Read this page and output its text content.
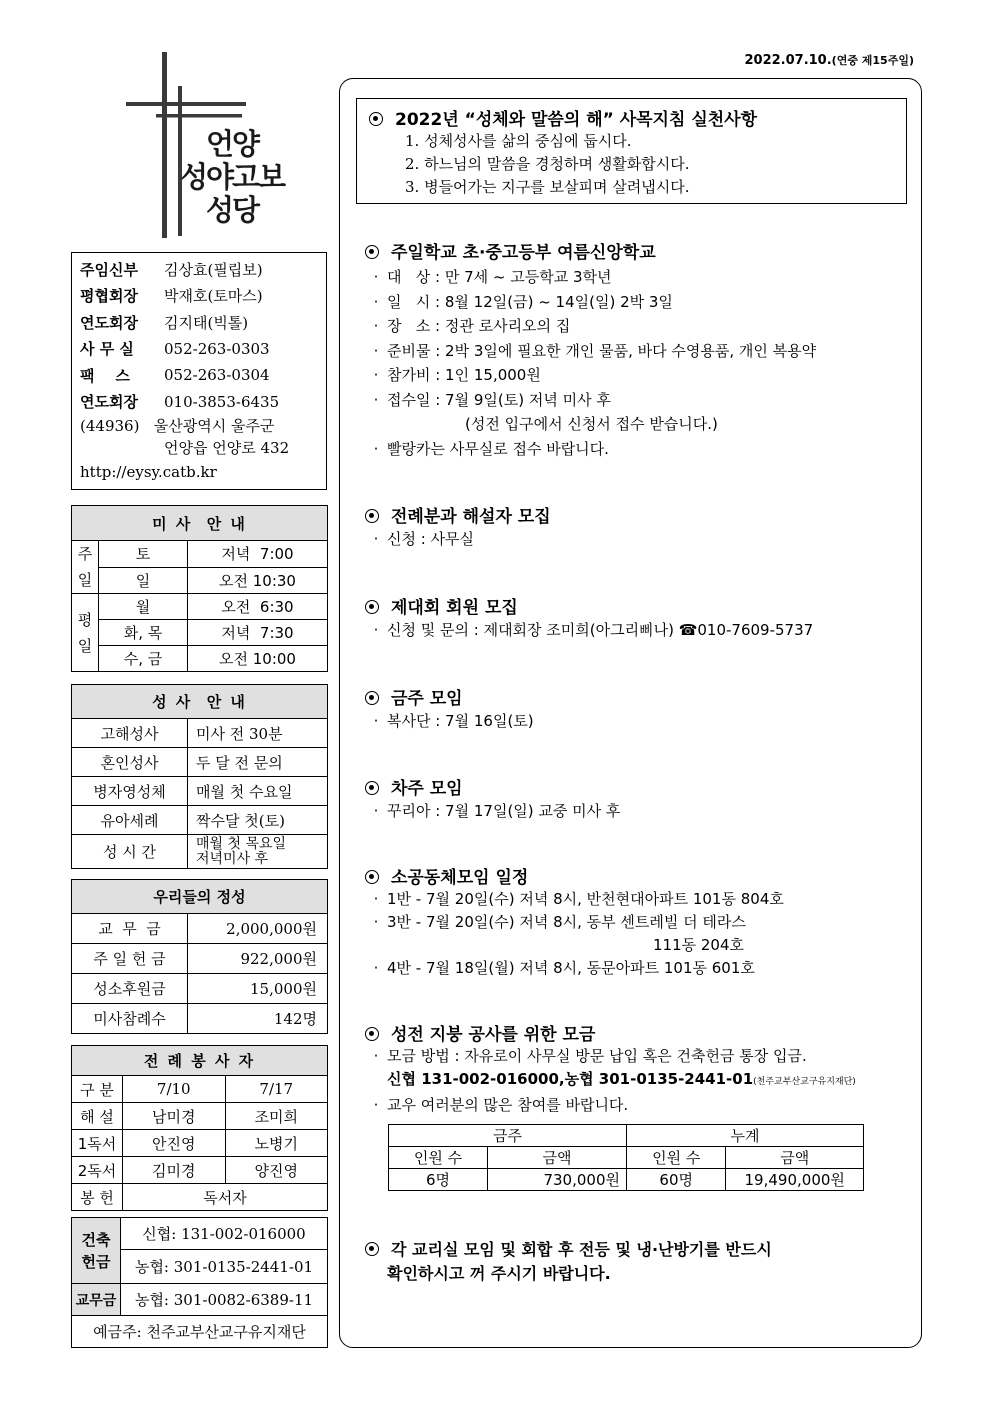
2022.07.10.(연중 제15주일)
언양
성야고보
성당
주임신부	김상효(필립보)
평협회장	박재호(토마스)
연도회장	김지태(빅톨)
사 무 실	052-263-0303
팩    스	052-263-0304
연도회장	010-3853-6435
(44936) 울산광역시 울주군
언양읍 언양로 432
http://eysy.catb.kr
미 사  안 내		
주
일	토	저녁  7:00
	일	오전 10:30
평
일	월	오전  6:30
	화, 목	저녁  7:30
	수, 금	오전 10:00
성 사  안 내	
고해성사	미사 전 30분
혼인성사	두 달 전 문의
병자영성체	매월 첫 수요일
유아세례	짝수달 첫(토)
성 시 간	매월 첫 목요일
저녁미사 후
우리들의 정성	
교  무  금	2,000,000원
주 일 헌 금	922,000원
성소후원금	15,000원
미사참례수	142명
전 례 봉 사 자		
구 분	7/10	7/17
해 설	남미경	조미희
1독서	안진영	노병기
2독서	김미경	양진영
봉 헌	독서자	
건축
헌금	신협: 131-002-016000
	농협: 301-0135-2441-01
교무금	농협: 301-0082-6389-11
예금주: 천주교부산교구유지재단	
2022년 “성체와 말씀의 해” 사목지침 실천사항
1. 성체성사를 삶의 중심에 둡시다.
2. 하느님의 말씀을 경청하며 생활화합시다.
3. 병들어가는 지구를 보살피며 살려냅시다.
주일학교 초·중고등부 여름신앙학교
· 대   상 : 만 7세 ~ 고등학교 3학년
· 일   시 : 8월 12일(금) ~ 14일(일) 2박 3일
· 장   소 : 정관 로사리오의 집
· 준비물 : 2박 3일에 필요한 개인 물품, 바다 수영용품, 개인 복용약
· 참가비 : 1인 15,000원
· 접수일 : 7월 9일(토) 저녁 미사 후
(성전 입구에서 신청서 접수 받습니다.)
· 빨랑카는 사무실로 접수 바랍니다.
전례분과 해설자 모집
· 신청 : 사무실
제대회 회원 모집
· 신청 및 문의 : 제대회장 조미희(아그리삐나) ☎010-7609-5737
금주 모임
· 복사단 : 7월 16일(토)
차주 모임
· 꾸리아 : 7월 17일(일) 교중 미사 후
소공동체모임 일정
· 1반 - 7월 20일(수) 저녁 8시, 반천현대아파트 101동 804호
· 3반 - 7월 20일(수) 저녁 8시, 동부 센트레빌 더 테라스
111동 204호
· 4반 - 7월 18일(월) 저녁 8시, 동문아파트 101동 601호
성전 지붕 공사를 위한 모금
· 모금 방법 : 자유로이 사무실 방문 납입 혹은 건축헌금 통장 입금.
신협 131-002-016000,농협 301-0135-2441-01(천주교부산교구유지재단)
· 교우 여러분의 많은 참여를 바랍니다.
금주		누계	
인원 수	금액	인원 수	금액
6명	730,000원	60명	19,490,000원
각 교리실 모임 및 회합 후 전등 및 냉·난방기를 반드시
확인하시고 꺼 주시기 바랍니다.
